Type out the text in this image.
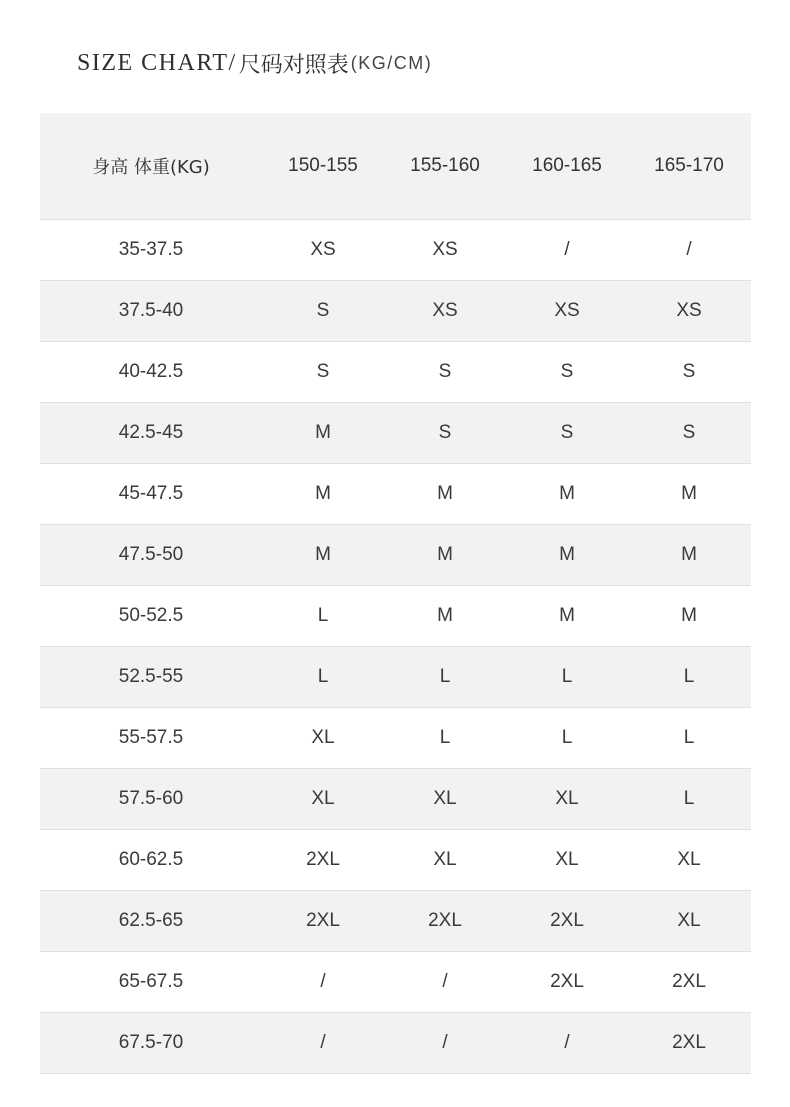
SIZE CHART/ 尺码对照表 (KG/CM)
身高 体重(KG)	150-155	155-160	160-165	165-170
35-37.5	XS	XS	/	/
37.5-40	S	XS	XS	XS
40-42.5	S	S	S	S
42.5-45	M	S	S	S
45-47.5	M	M	M	M
47.5-50	M	M	M	M
50-52.5	L	M	M	M
52.5-55	L	L	L	L
55-57.5	XL	L	L	L
57.5-60	XL	XL	XL	L
60-62.5	2XL	XL	XL	XL
62.5-65	2XL	2XL	2XL	XL
65-67.5	/	/	2XL	2XL
67.5-70	/	/	/	2XL
